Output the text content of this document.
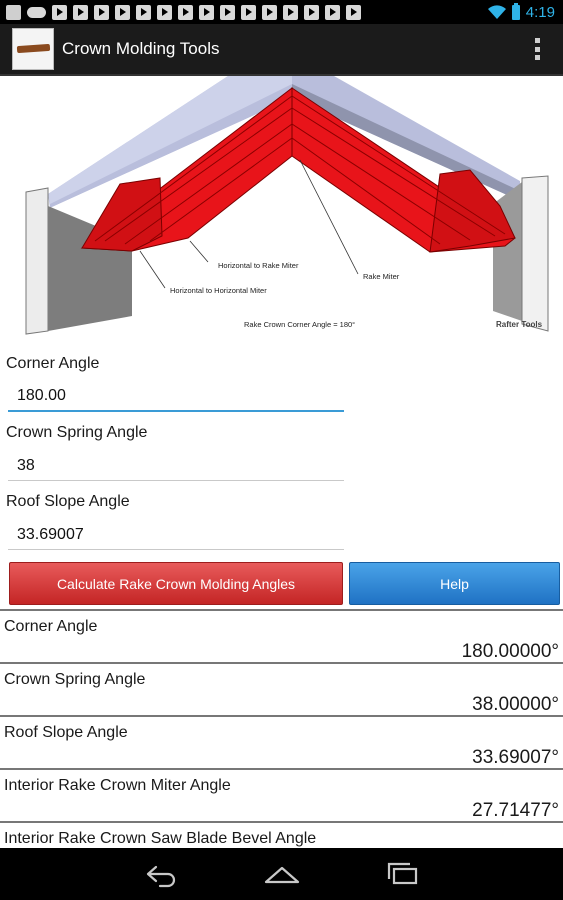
4:19
Crown Molding Tools
Horizontal to Rake Miter
Horizontal to Horizontal Miter
Rake Miter
Rake Crown Corner Angle = 180°	Rafter Tools
Corner Angle
180.00
Crown Spring Angle
38
Roof Slope Angle
33.69007
Calculate Rake Crown Molding Angles	Help
Corner Angle
180.00000°
Crown Spring Angle
38.00000°
Roof Slope Angle
33.69007°
Interior Rake Crown Miter Angle
27.71477°
Interior Rake Crown Saw Blade Bevel Angle
